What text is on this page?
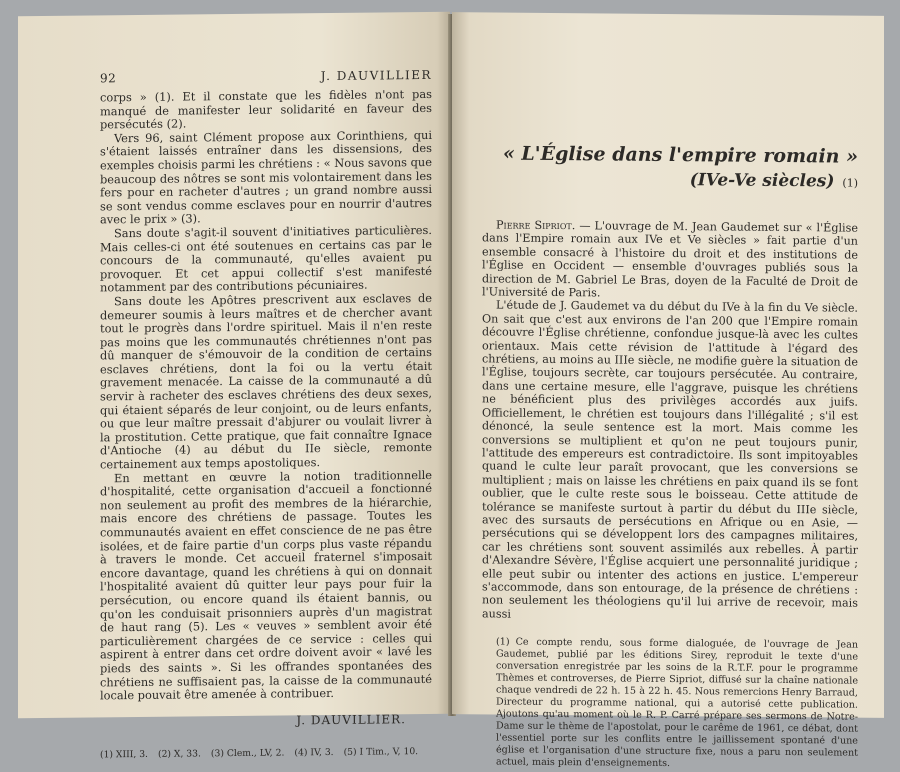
92	J. DAUVILLIER

corps » (1). Et il constate que les fidèles n'ont pas manqué de manifester leur solidarité en faveur des persécutés (2).

Vers 96, saint Clément propose aux Corinthiens, qui s'étaient laissés entraîner dans les dissensions, des exemples choisis parmi les chrétiens : « Nous savons que beaucoup des nôtres se sont mis volontairement dans les fers pour en racheter d'autres ; un grand nombre aussi se sont vendus comme esclaves pour en nourrir d'autres avec le prix » (3).

Sans doute s'agit-il souvent d'initiatives particulières. Mais celles-ci ont été soutenues en certains cas par le concours de la communauté, qu'elles avaient pu provoquer. Et cet appui collectif s'est manifesté notamment par des contributions pécuniaires.

Sans doute les Apôtres prescrivent aux esclaves de demeurer soumis à leurs maîtres et de chercher avant tout le progrès dans l'ordre spirituel. Mais il n'en reste pas moins que les communautés chrétiennes n'ont pas dû manquer de s'émouvoir de la condition de certains esclaves chrétiens, dont la foi ou la vertu était gravement menacée. La caisse de la communauté a dû servir à racheter des esclaves chrétiens des deux sexes, qui étaient séparés de leur conjoint, ou de leurs enfants, ou que leur maître pressait d'abjurer ou voulait livrer à la prostitution. Cette pratique, que fait connaître Ignace d'Antioche (4) au début du IIe siècle, remonte certainement aux temps apostoliques.

En mettant en œuvre la notion traditionnelle d'hospitalité, cette organisation d'accueil a fonctionné non seulement au profit des membres de la hiérarchie, mais encore des chrétiens de passage. Toutes les communautés avaient en effet conscience de ne pas être isolées, et de faire partie d'un corps plus vaste répandu à travers le monde. Cet accueil fraternel s'imposait encore davantage, quand les chrétiens à qui on donnait l'hospitalité avaient dû quitter leur pays pour fuir la persécution, ou encore quand ils étaient bannis, ou qu'on les conduisait prisonniers auprès d'un magistrat de haut rang (5). Les « veuves » semblent avoir été particulièrement chargées de ce service : celles qui aspirent à entrer dans cet ordre doivent avoir « lavé les pieds des saints ». Si les offrandes spontanées des chrétiens ne suffisaient pas, la caisse de la communauté locale pouvait être amenée à contribuer.

J. DAUVILLIER.
(1) XIII, 3. (2) X, 33. (3) Clem., LV, 2. (4) IV, 3. (5) I Tim., V, 10.
« L'Église dans l'empire romain »
(IVe-Ve siècles) (1)

Pierre Sipriot. — L'ouvrage de M. Jean Gaudemet sur « l'Église dans l'Empire romain aux IVe et Ve siècles » fait partie d'un ensemble consacré à l'histoire du droit et des institutions de l'Église en Occident — ensemble d'ouvrages publiés sous la direction de M. Gabriel Le Bras, doyen de la Faculté de Droit de l'Université de Paris.

L'étude de J. Gaudemet va du début du IVe à la fin du Ve siècle. On sait que c'est aux environs de l'an 200 que l'Empire romain découvre l'Église chrétienne, confondue jusque-là avec les cultes orientaux. Mais cette révision de l'attitude à l'égard des chrétiens, au moins au IIIe siècle, ne modifie guère la situation de l'Église, toujours secrète, car toujours persécutée. Au contraire, dans une certaine mesure, elle l'aggrave, puisque les chrétiens ne bénéficient plus des privilèges accordés aux juifs. Officiellement, le chrétien est toujours dans l'illégalité ; s'il est dénoncé, la seule sentence est la mort. Mais comme les conversions se multiplient et qu'on ne peut toujours punir, l'attitude des empereurs est contradictoire. Ils sont impitoyables quand le culte leur paraît provocant, que les conversions se multiplient ; mais on laisse les chrétiens en paix quand ils se font oublier, que le culte reste sous le boisseau. Cette attitude de tolérance se manifeste surtout à partir du début du IIIe siècle, avec des sursauts de persécutions en Afrique ou en Asie, — persécutions qui se développent lors des campagnes militaires, car les chrétiens sont souvent assimilés aux rebelles. À partir d'Alexandre Sévère, l'Église acquiert une personnalité juridique ; elle peut subir ou intenter des actions en justice. L'empereur s'accommode, dans son entourage, de la présence de chrétiens : non seulement les théologiens qu'il lui arrive de recevoir, mais aussi

(1) Ce compte rendu, sous forme dialoguée, de l'ouvrage de Jean Gaudemet, publié par les éditions Sirey, reproduit le texte d'une conversation enregistrée par les soins de la R.T.F. pour le programme Thèmes et controverses, de Pierre Sipriot, diffusé sur la chaîne nationale chaque vendredi de 22 h. 15 à 22 h. 45. Nous remercions Henry Barraud, Directeur du programme national, qui a autorisé cette publication. Ajoutons qu'au moment où le R. P. Carré prépare ses sermons de Notre-Dame sur le thème de l'apostolat, pour le carême de 1961, ce débat, dont l'essentiel porte sur les conflits entre le jaillissement spontané d'une église et l'organisation d'une structure fixe, nous a paru non seulement actuel, mais plein d'enseignements.
